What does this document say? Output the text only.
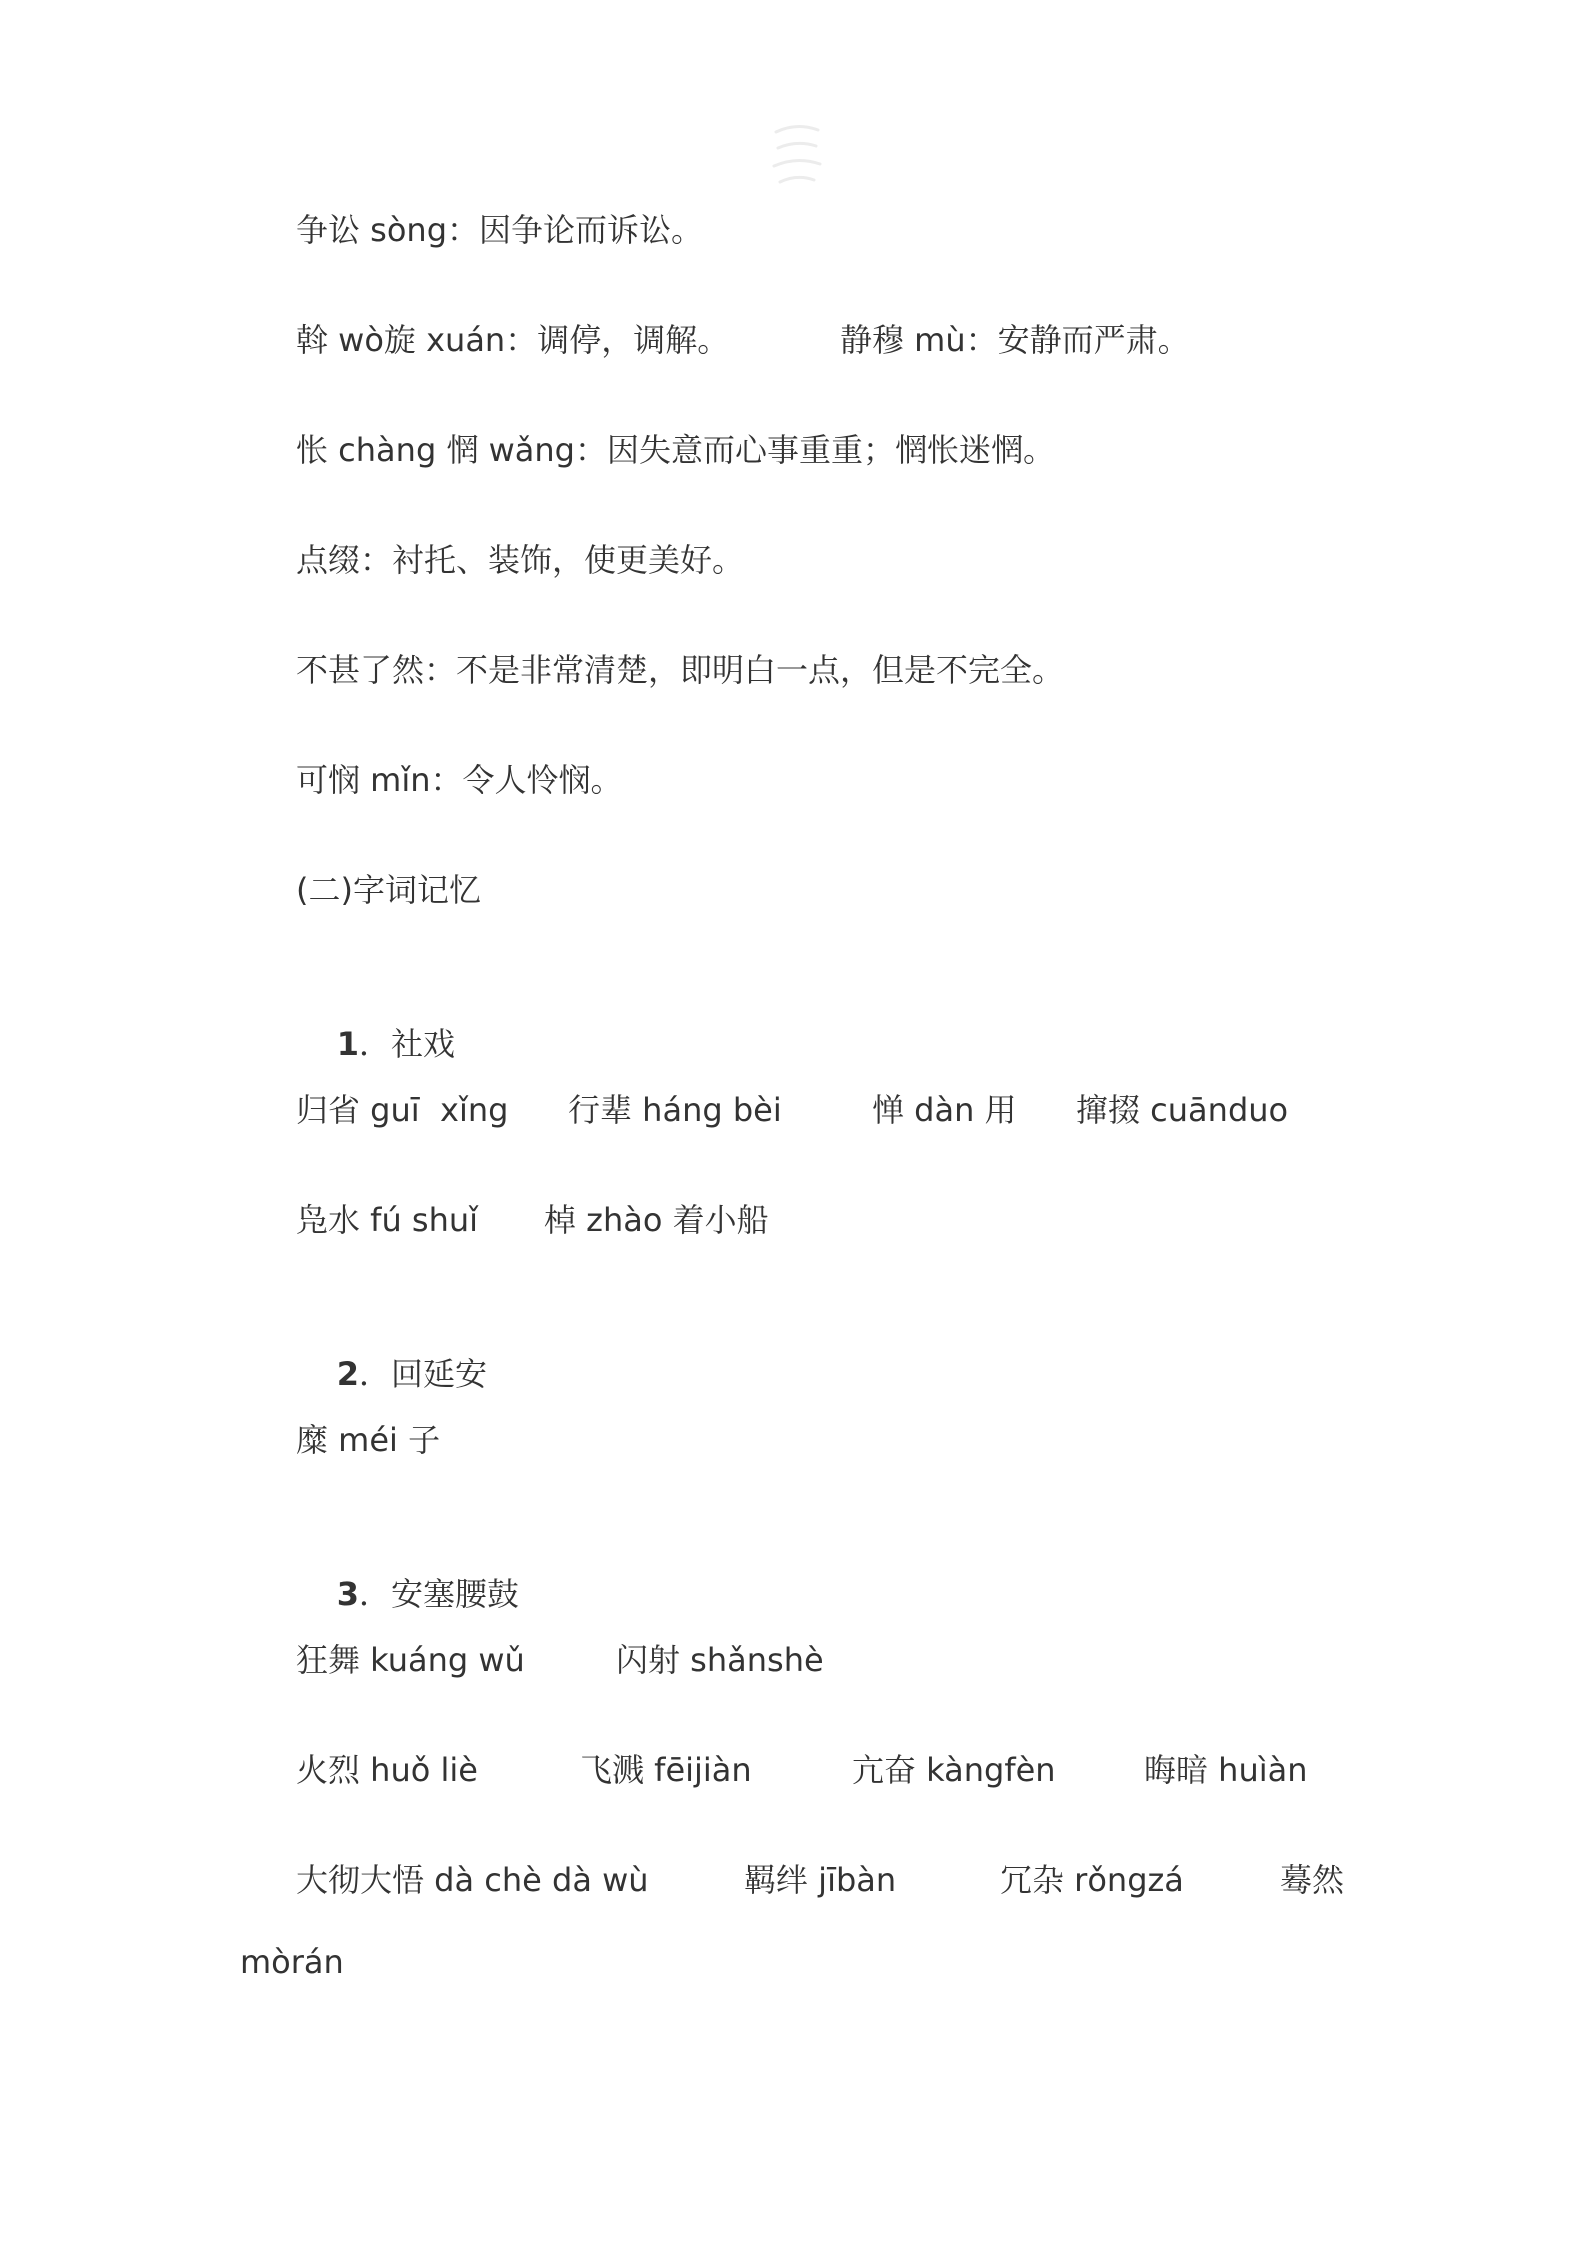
争讼 sòng：因争论而诉讼。

斡 wò旋 xuán：调停，调解。

	静穆 mù：安静而严肃。

怅 chàng 惘 wǎng：因失意而心事重重；惘怅迷惘。

点缀：衬托、装饰，使更美好。

不甚了然：不是非常清楚，即明白一点，但是不完全。

可悯 mǐn：令人怜悯。

(二)字词记忆

1．社戏

归省 guī  xǐng

行辈 háng bèi

	惮 dàn 用

撺掇 cuānduo

凫水 fú shuǐ

棹 zhào 着小船

2．回延安

糜 méi 子

3．安塞腰鼓

狂舞 kuáng wǔ

	闪射 shǎnshè

火烈 huǒ liè

	飞溅 fēijiàn

	亢奋 kàngfèn

	晦暗 huìàn

大彻大悟 dà chè dà wù

	羁绊 jībàn

	冗杂 rǒngzá

	蓦然

mòrán
